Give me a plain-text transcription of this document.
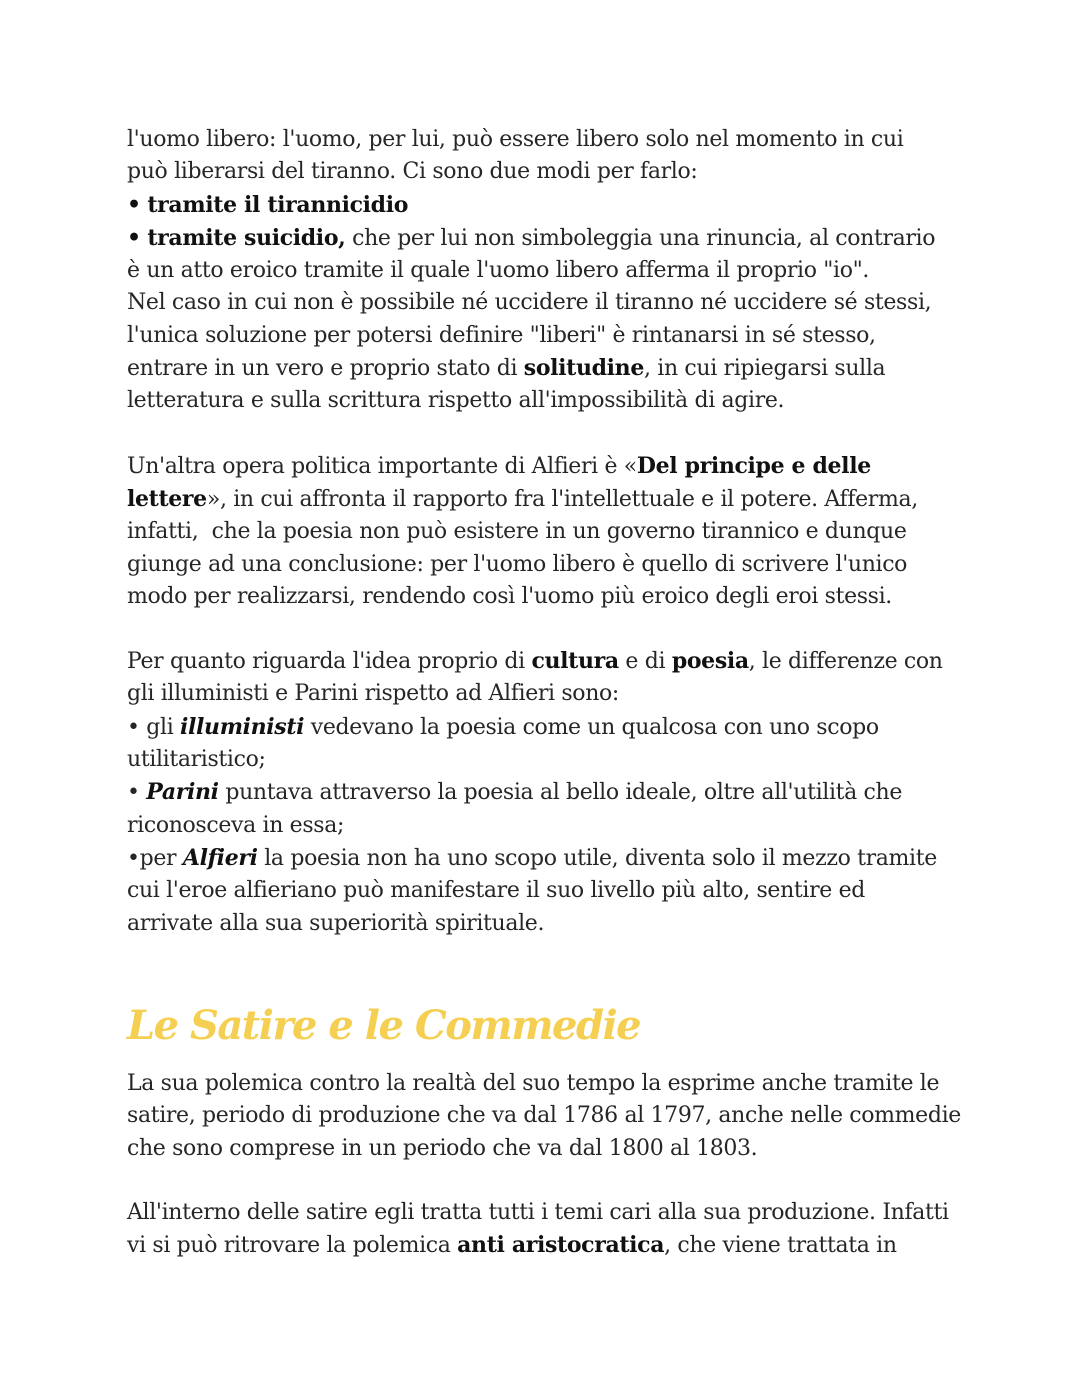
l'uomo libero: l'uomo, per lui, può essere libero solo nel momento in cui
può liberarsi del tiranno. Ci sono due modi per farlo:
• tramite il tirannicidio
• tramite suicidio, che per lui non simboleggia una rinuncia, al contrario
è un atto eroico tramite il quale l'uomo libero afferma il proprio "io".
Nel caso in cui non è possibile né uccidere il tiranno né uccidere sé stessi,
l'unica soluzione per potersi definire "liberi" è rintanarsi in sé stesso,
entrare in un vero e proprio stato di solitudine, in cui ripiegarsi sulla
letteratura e sulla scrittura rispetto all'impossibilità di agire.

Un'altra opera politica importante di Alfieri è «Del principe e delle
lettere», in cui affronta il rapporto fra l'intellettuale e il potere. Afferma,
infatti,  che la poesia non può esistere in un governo tirannico e dunque
giunge ad una conclusione: per l'uomo libero è quello di scrivere l'unico
modo per realizzarsi, rendendo così l'uomo più eroico degli eroi stessi.

Per quanto riguarda l'idea proprio di cultura e di poesia, le differenze con
gli illuministi e Parini rispetto ad Alfieri sono:
• gli illuministi vedevano la poesia come un qualcosa con uno scopo
utilitaristico;
• Parini puntava attraverso la poesia al bello ideale, oltre all'utilità che
riconosceva in essa;
•per Alfieri la poesia non ha uno scopo utile, diventa solo il mezzo tramite
cui l'eroe alfieriano può manifestare il suo livello più alto, sentire ed
arrivate alla sua superiorità spirituale.

Le Satire e le Commedie

La sua polemica contro la realtà del suo tempo la esprime anche tramite le
satire, periodo di produzione che va dal 1786 al 1797, anche nelle commedie
che sono comprese in un periodo che va dal 1800 al 1803.

All'interno delle satire egli tratta tutti i temi cari alla sua produzione. Infatti
vi si può ritrovare la polemica anti aristocratica, che viene trattata in
